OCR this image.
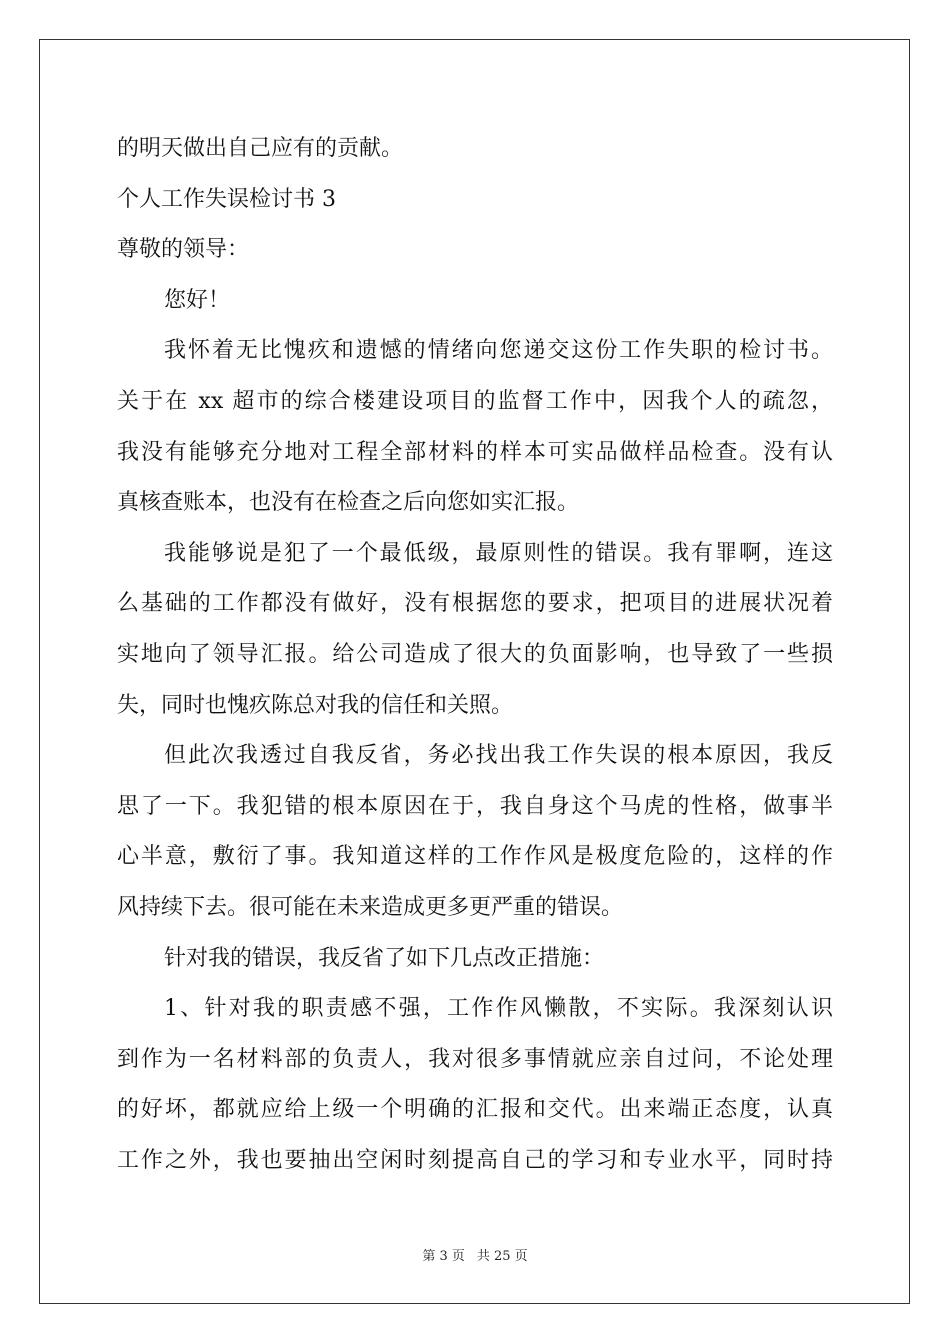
的明天做出自己应有的贡献。
个人工作失误检讨书 3
尊敬的领导：
您好！
我怀着无比愧疚和遗憾的情绪向您递交这份工作失职的检讨书。
关于在 xx 超市的综合楼建设项目的监督工作中，因我个人的疏忽，
我没有能够充分地对工程全部材料的样本可实品做样品检查。没有认
真核查账本，也没有在检查之后向您如实汇报。
我能够说是犯了一个最低级，最原则性的错误。我有罪啊，连这
么基础的工作都没有做好，没有根据您的要求，把项目的进展状况着
实地向了领导汇报。给公司造成了很大的负面影响，也导致了一些损
失，同时也愧疚陈总对我的信任和关照。
但此次我透过自我反省，务必找出我工作失误的根本原因，我反
思了一下。我犯错的根本原因在于，我自身这个马虎的性格，做事半
心半意，敷衍了事。我知道这样的工作作风是极度危险的，这样的作
风持续下去。很可能在未来造成更多更严重的错误。
针对我的错误，我反省了如下几点改正措施：
1、针对我的职责感不强，工作作风懒散，不实际。我深刻认识
到作为一名材料部的负责人，我对很多事情就应亲自过问，不论处理
的好坏，都就应给上级一个明确的汇报和交代。出来端正态度，认真
工作之外，我也要抽出空闲时刻提高自己的学习和专业水平，同时持
第 3 页 共 25 页
